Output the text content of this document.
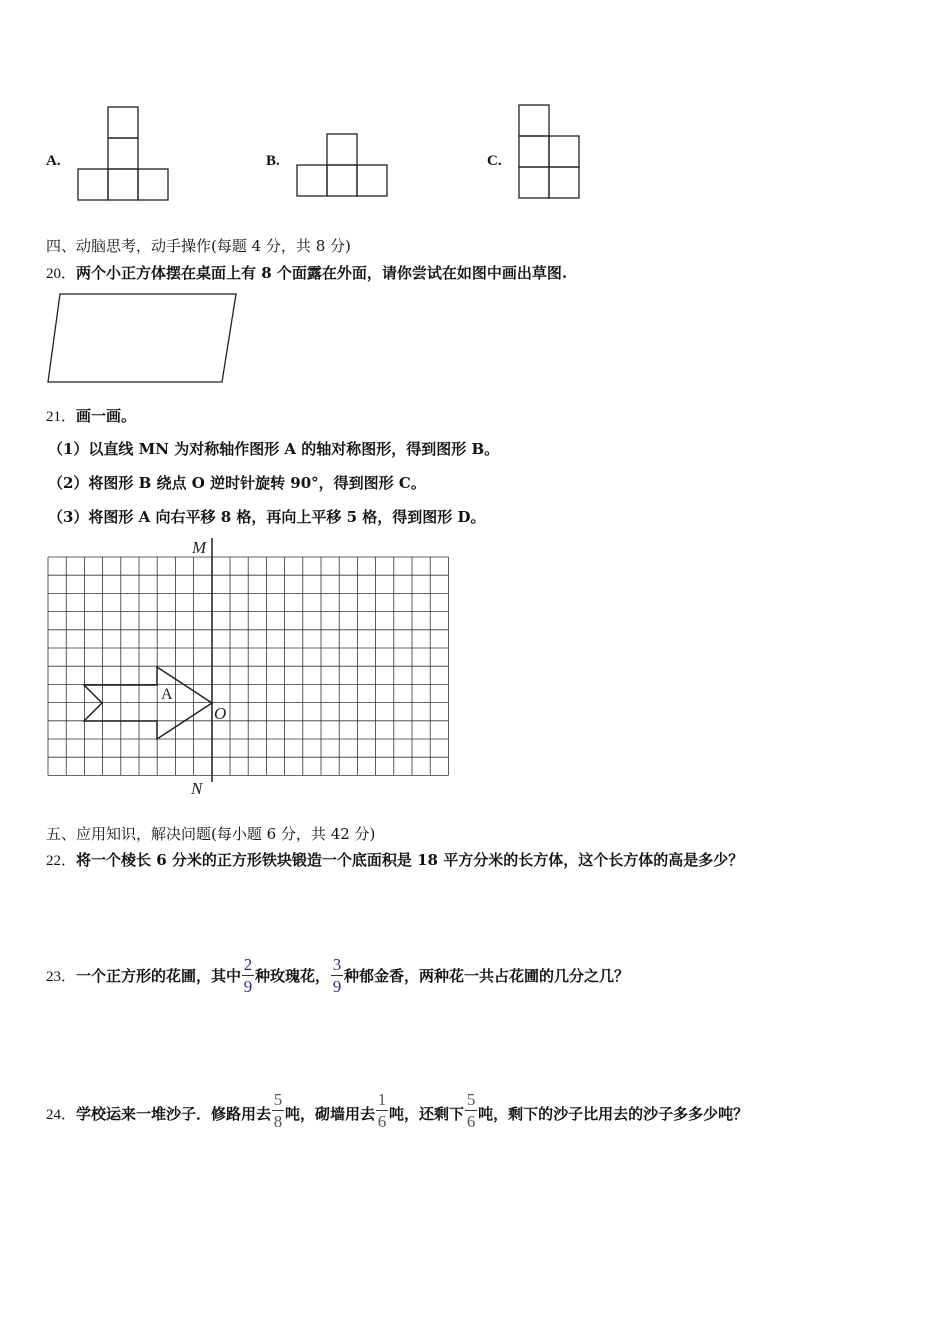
A.	B.	C.
四、动脑思考，动手操作(每题 4 分，共 8 分)
20．两个小正方体摆在桌面上有 8 个面露在外面，请你尝试在如图中画出草图.
21．画一画。
（1）以直线 MN 为对称轴作图形 A 的轴对称图形，得到图形 B。
（2）将图形 B 绕点 O 逆时针旋转 90°，得到图形 C。
（3）将图形 A 向右平移 8 格，再向上平移 5 格，得到图形 D。
M
N
O
A
五、应用知识，解决问题(每小题 6 分，共 42 分)
22．将一个棱长 6 分米的正方形铁块锻造一个底面积是 18 平方分米的长方体，这个长方体的高是多少？
23．一个正方形的花圃，其中 $\frac{2}{9}$ 种玫瑰花， $\frac{3}{9}$ 种郁金香，两种花一共占花圃的几分之几？
24．学校运来一堆沙子．修路用去 $\frac{5}{8}$ 吨，砌墙用去 $\frac{1}{6}$ 吨，还剩下 $\frac{5}{6}$ 吨，剩下的沙子比用去的沙子多多少吨？
